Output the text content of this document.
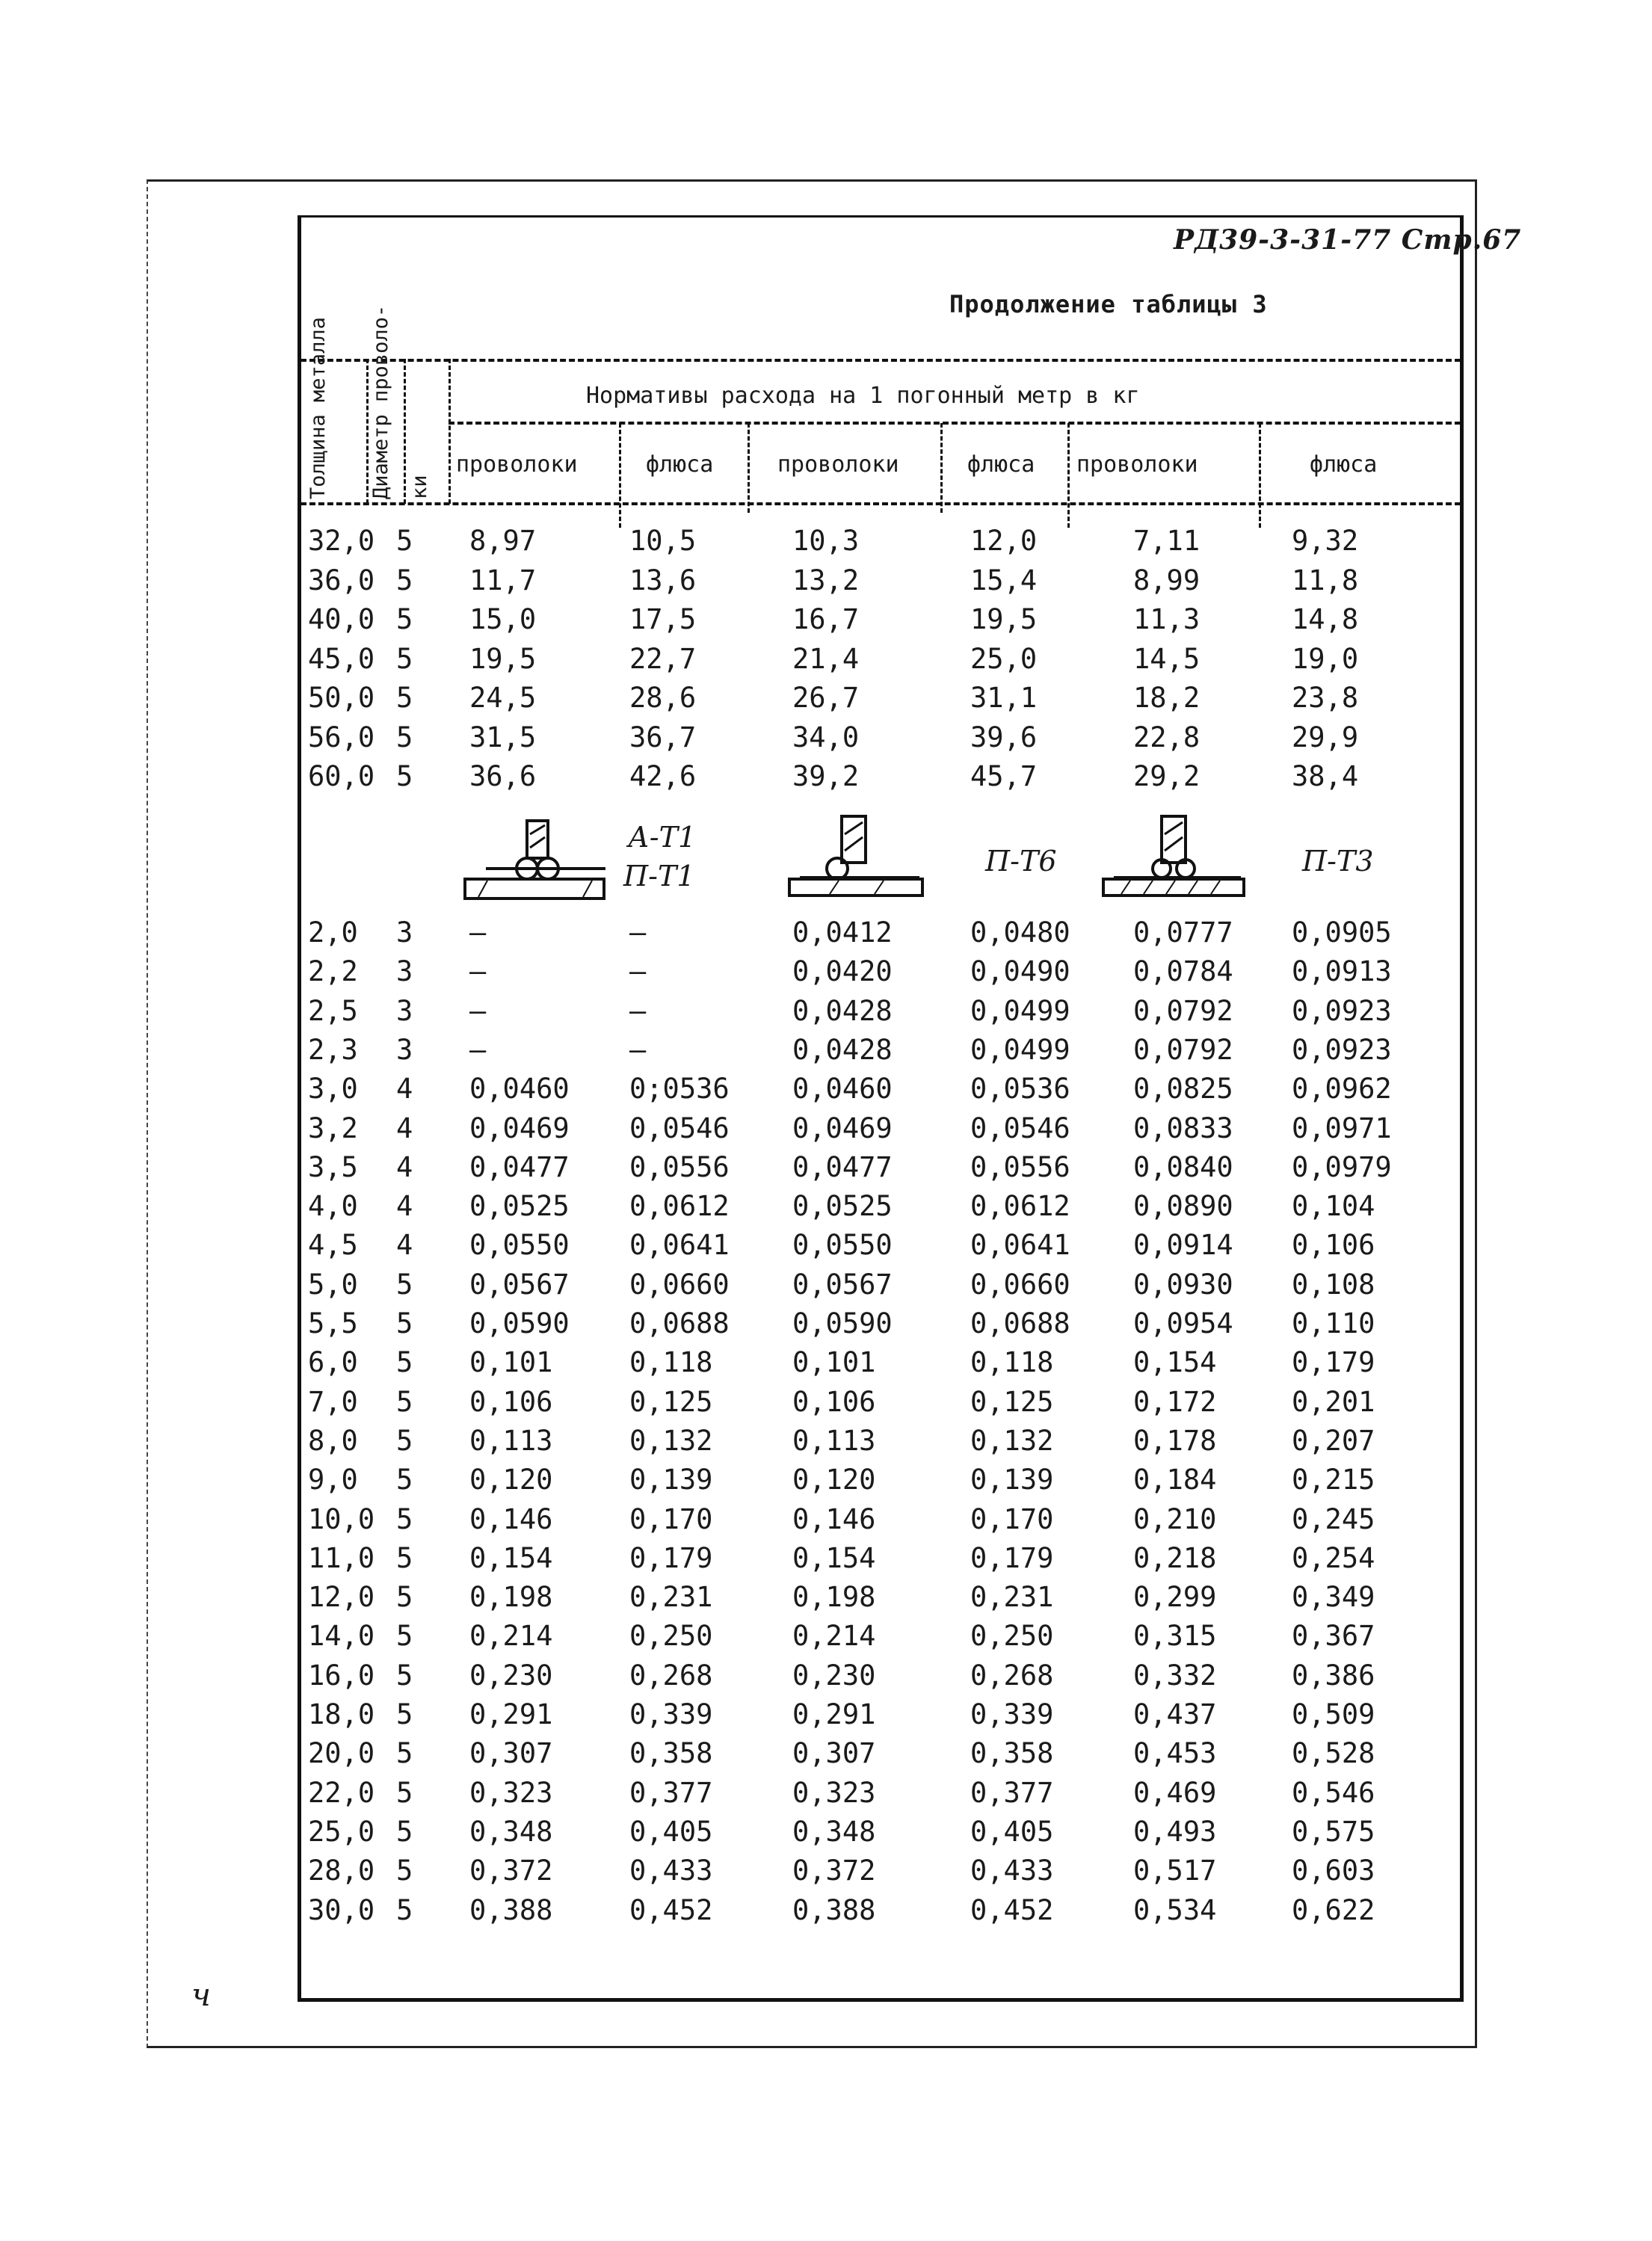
РД39-3-31-77 Стр.67
Продолжение таблицы 3
Толщина металла Диаметр проволо- ки
Нормативы расхода на 1 погонный метр в кг
проволоки	флюса	проволоки	флюса проволоки	флюса
А-Т1
П-Т1	П-Т6	П-Т3
32,0 5 8,97	10,5	10,3	12,0	7,11	9,32
36,0 5 11,7	13,6	13,2	15,4	8,99	11,8
40,0 5 15,0	17,5	16,7	19,5	11,3	14,8
45,0 5 19,5	22,7	21,4	25,0	14,5	19,0
50,0 5 24,5	28,6	26,7	31,1	18,2	23,8
56,0 5 31,5	36,7	34,0	39,6	22,8	29,9
60,0 5 36,6	42,6	39,2	45,7	29,2	38,4
2,0 3 –	–	0,0412	0,0480 0,0777 0,0905
2,2 3 –	–	0,0420	0,0490 0,0784 0,0913
2,5 3 –	–	0,0428	0,0499 0,0792 0,0923
2,3 3 –	–	0,0428	0,0499 0,0792 0,0923
3,0 4 0,0460 0;0536 0,0460	0,0536 0,0825 0,0962
3,2 4 0,0469 0,0546 0,0469	0,0546 0,0833 0,0971
3,5 4 0,0477 0,0556 0,0477	0,0556 0,0840 0,0979
4,0 4 0,0525 0,0612 0,0525	0,0612 0,0890 0,104
4,5 4 0,0550 0,0641 0,0550	0,0641 0,0914 0,106
5,0 5 0,0567 0,0660 0,0567	0,0660 0,0930 0,108
5,5 5 0,0590 0,0688 0,0590	0,0688 0,0954 0,110
6,0 5 0,101	0,118	0,101	0,118	0,154	0,179
7,0 5 0,106	0,125	0,106	0,125	0,172	0,201
8,0 5 0,113	0,132	0,113	0,132	0,178	0,207
9,0 5 0,120	0,139	0,120	0,139	0,184	0,215
10,0 5 0,146	0,170	0,146	0,170	0,210	0,245
11,0 5 0,154	0,179	0,154	0,179	0,218	0,254
12,0 5 0,198	0,231	0,198	0,231	0,299	0,349
14,0 5 0,214	0,250	0,214	0,250	0,315	0,367
16,0 5 0,230	0,268	0,230	0,268	0,332	0,386
18,0 5 0,291	0,339	0,291	0,339	0,437	0,509
20,0 5 0,307	0,358	0,307	0,358	0,453	0,528
22,0 5 0,323	0,377	0,323	0,377	0,469	0,546
25,0 5 0,348	0,405	0,348	0,405	0,493	0,575
28,0 5 0,372	0,433	0,372	0,433	0,517	0,603
30,0 5 0,388	0,452	0,388	0,452	0,534	0,622
ч
